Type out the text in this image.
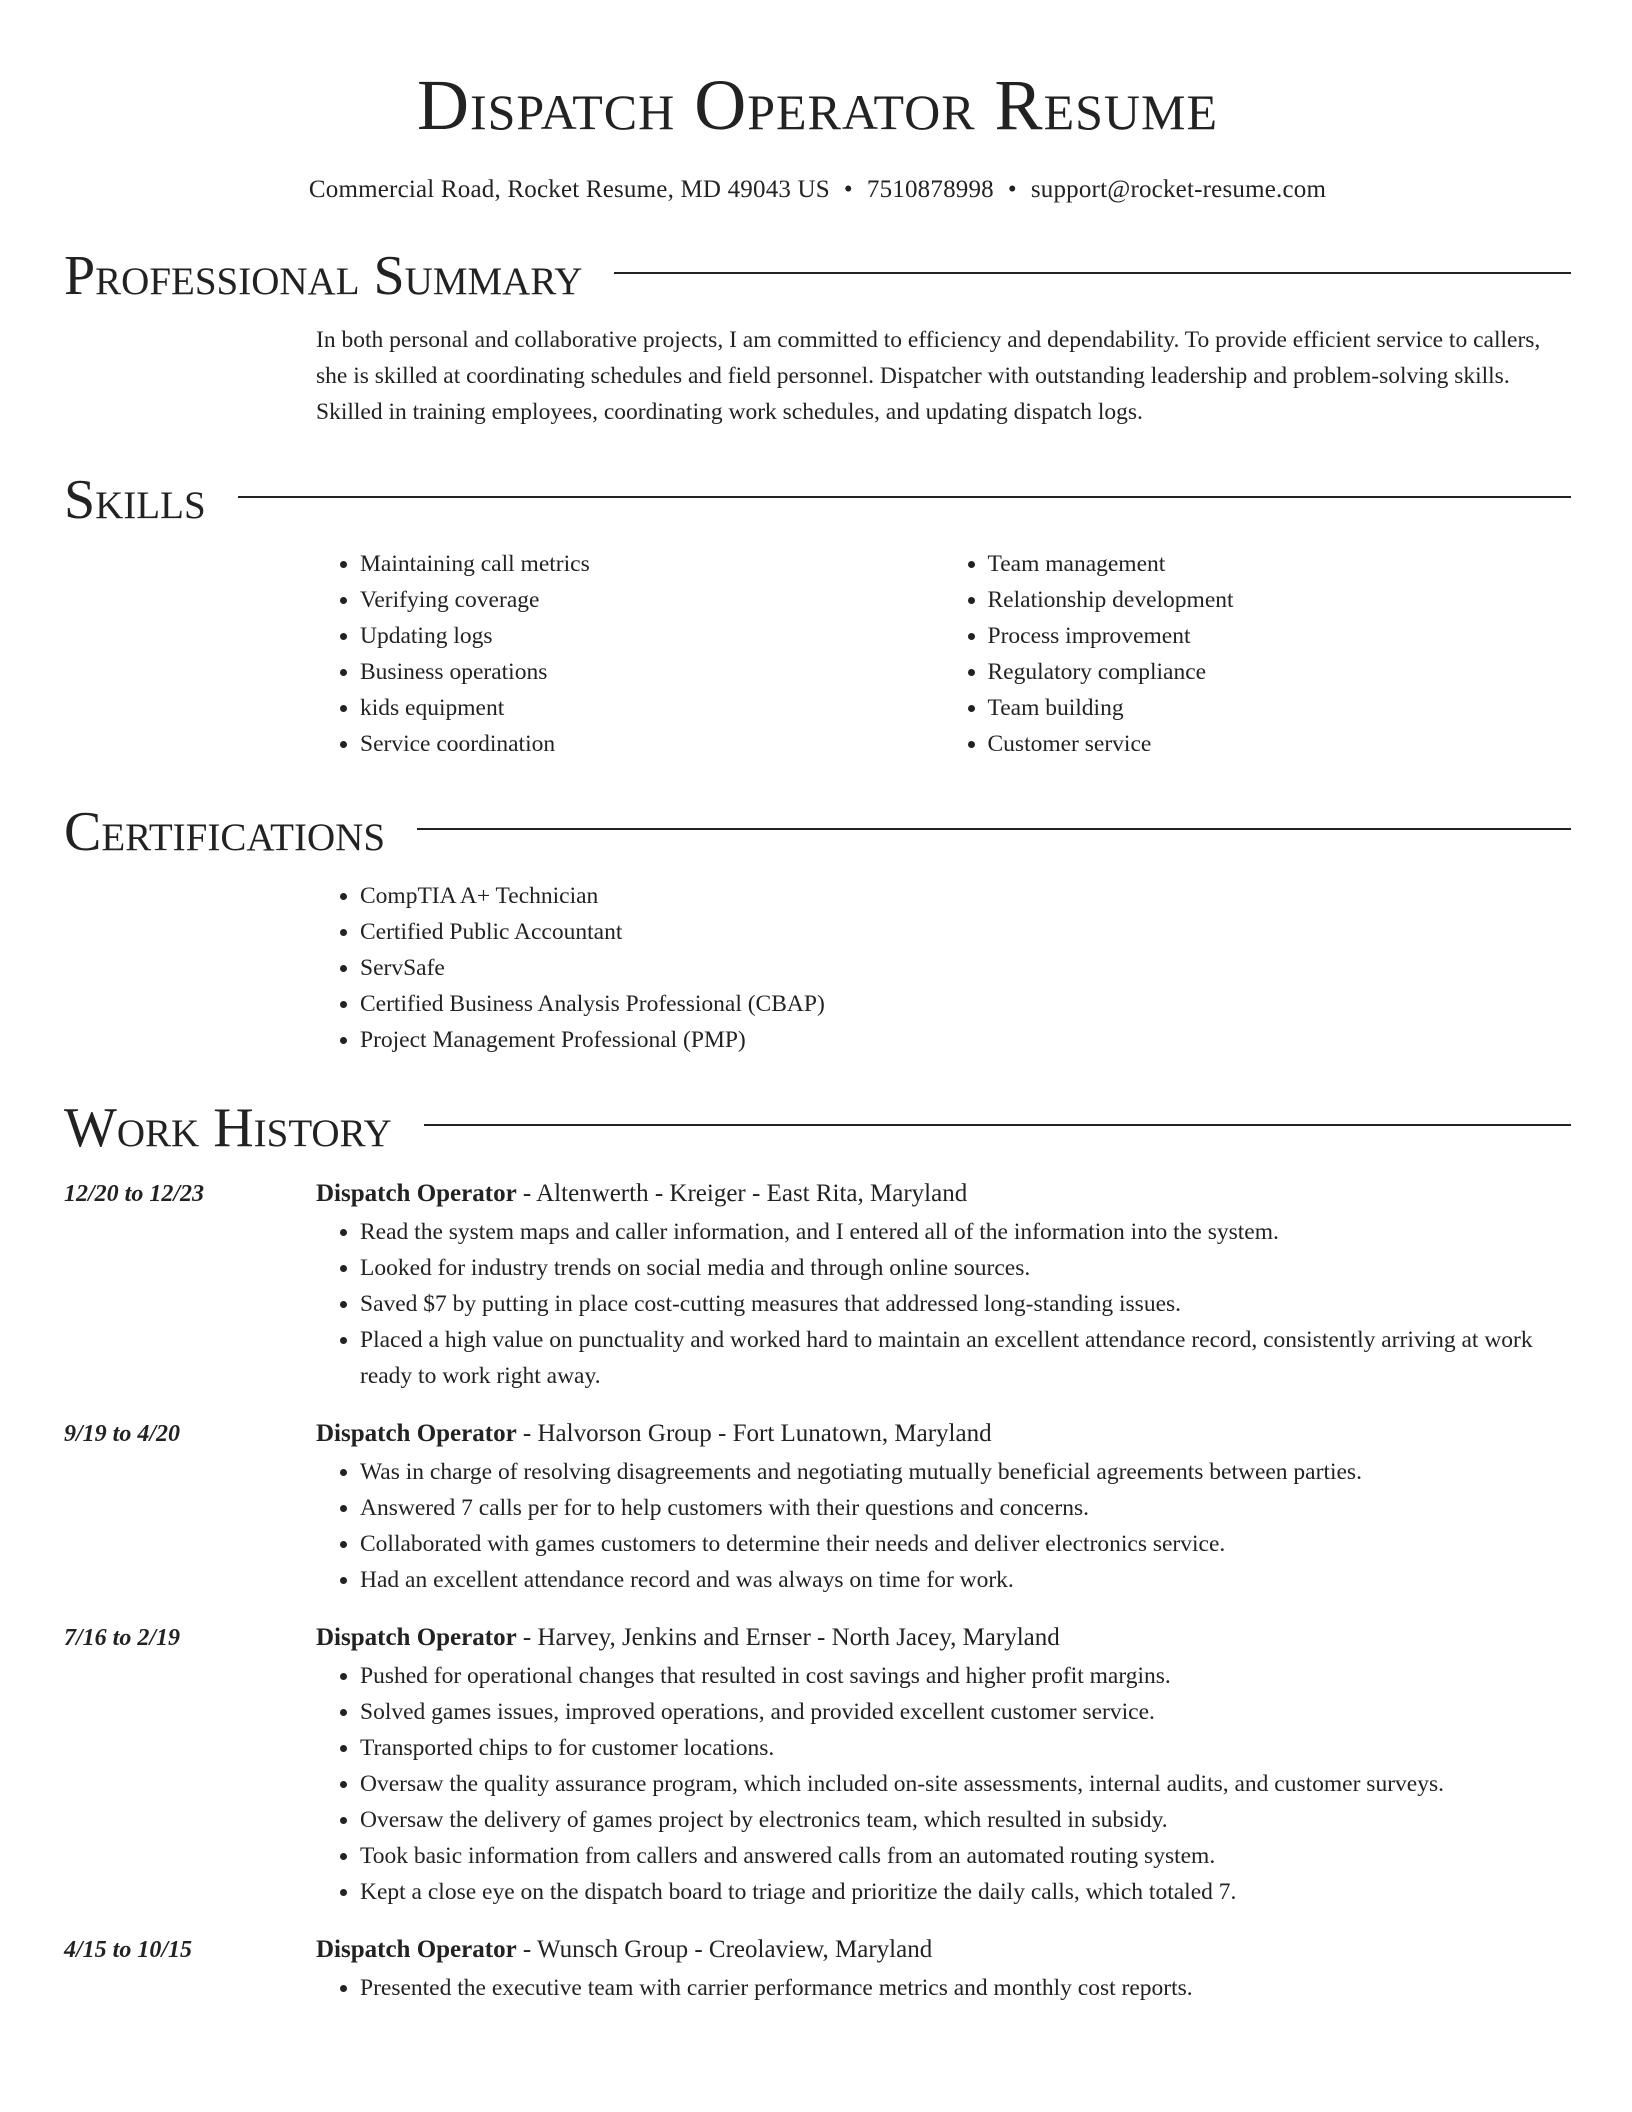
Dispatch Operator Resume
Commercial Road, Rocket Resume, MD 49043 US • 7510878998 • support@rocket-resume.com
Professional Summary
In both personal and collaborative projects, I am committed to efficiency and dependability. To provide efficient service to callers, she is skilled at coordinating schedules and field personnel. Dispatcher with outstanding leadership and problem-solving skills. Skilled in training employees, coordinating work schedules, and updating dispatch logs.
Skills
• Maintaining call metrics
• Verifying coverage
• Updating logs
• Business operations
• kids equipment
• Service coordination
• Team management
• Relationship development
• Process improvement
• Regulatory compliance
• Team building
• Customer service
Certifications
• CompTIA A+ Technician
• Certified Public Accountant
• ServSafe
• Certified Business Analysis Professional (CBAP)
• Project Management Professional (PMP)
Work History
12/20 to 12/23	Dispatch Operator - Altenwerth - Kreiger - East Rita, Maryland
• Read the system maps and caller information, and I entered all of the information into the system.
• Looked for industry trends on social media and through online sources.
• Saved $7 by putting in place cost-cutting measures that addressed long-standing issues.
• Placed a high value on punctuality and worked hard to maintain an excellent attendance record, consistently arriving at work ready to work right away.
9/19 to 4/20	Dispatch Operator - Halvorson Group - Fort Lunatown, Maryland
• Was in charge of resolving disagreements and negotiating mutually beneficial agreements between parties.
• Answered 7 calls per for to help customers with their questions and concerns.
• Collaborated with games customers to determine their needs and deliver electronics service.
• Had an excellent attendance record and was always on time for work.
7/16 to 2/19	Dispatch Operator - Harvey, Jenkins and Ernser - North Jacey, Maryland
• Pushed for operational changes that resulted in cost savings and higher profit margins.
• Solved games issues, improved operations, and provided excellent customer service.
• Transported chips to for customer locations.
• Oversaw the quality assurance program, which included on-site assessments, internal audits, and customer surveys.
• Oversaw the delivery of games project by electronics team, which resulted in subsidy.
• Took basic information from callers and answered calls from an automated routing system.
• Kept a close eye on the dispatch board to triage and prioritize the daily calls, which totaled 7.
4/15 to 10/15	Dispatch Operator - Wunsch Group - Creolaview, Maryland
• Presented the executive team with carrier performance metrics and monthly cost reports.
